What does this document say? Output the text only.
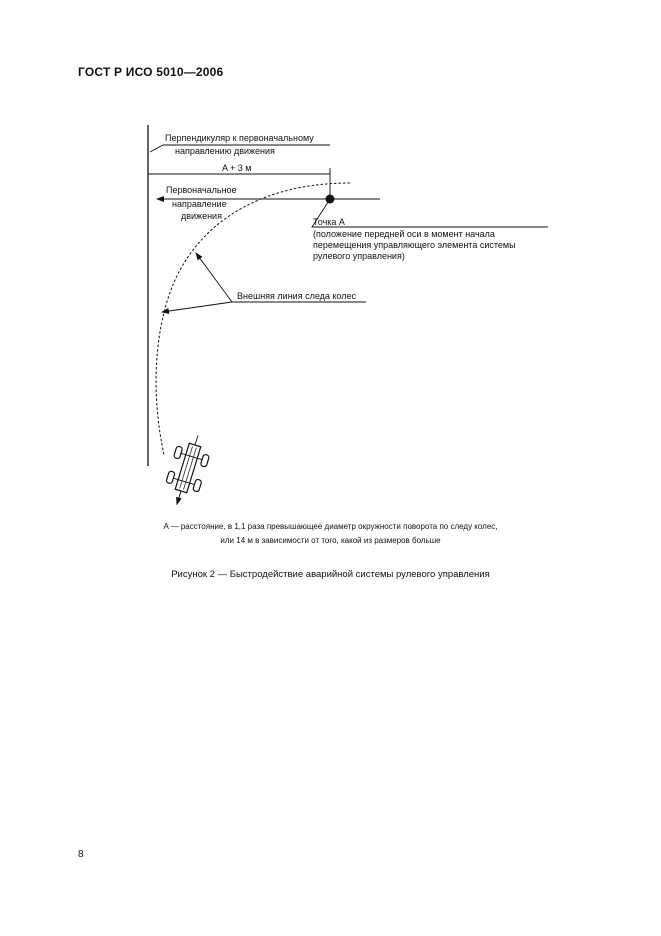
ГОСТ Р ИСО 5010—2006
Перпендикуляр к первоначальному
направлению движения
A + 3 м
Первоначальное
направление
движения
Точка A
(положение передней оси в момент начала
перемещения управляющего элемента системы
рулевого управления)
Внешняя линия следа колес
A — расстояние, в 1,1 раза превышающее диаметр окружности поворота по следу колес,
или 14 м в зависимости от того, какой из размеров больше
Рисунок 2 — Быстродействие аварийной системы рулевого управления
8
